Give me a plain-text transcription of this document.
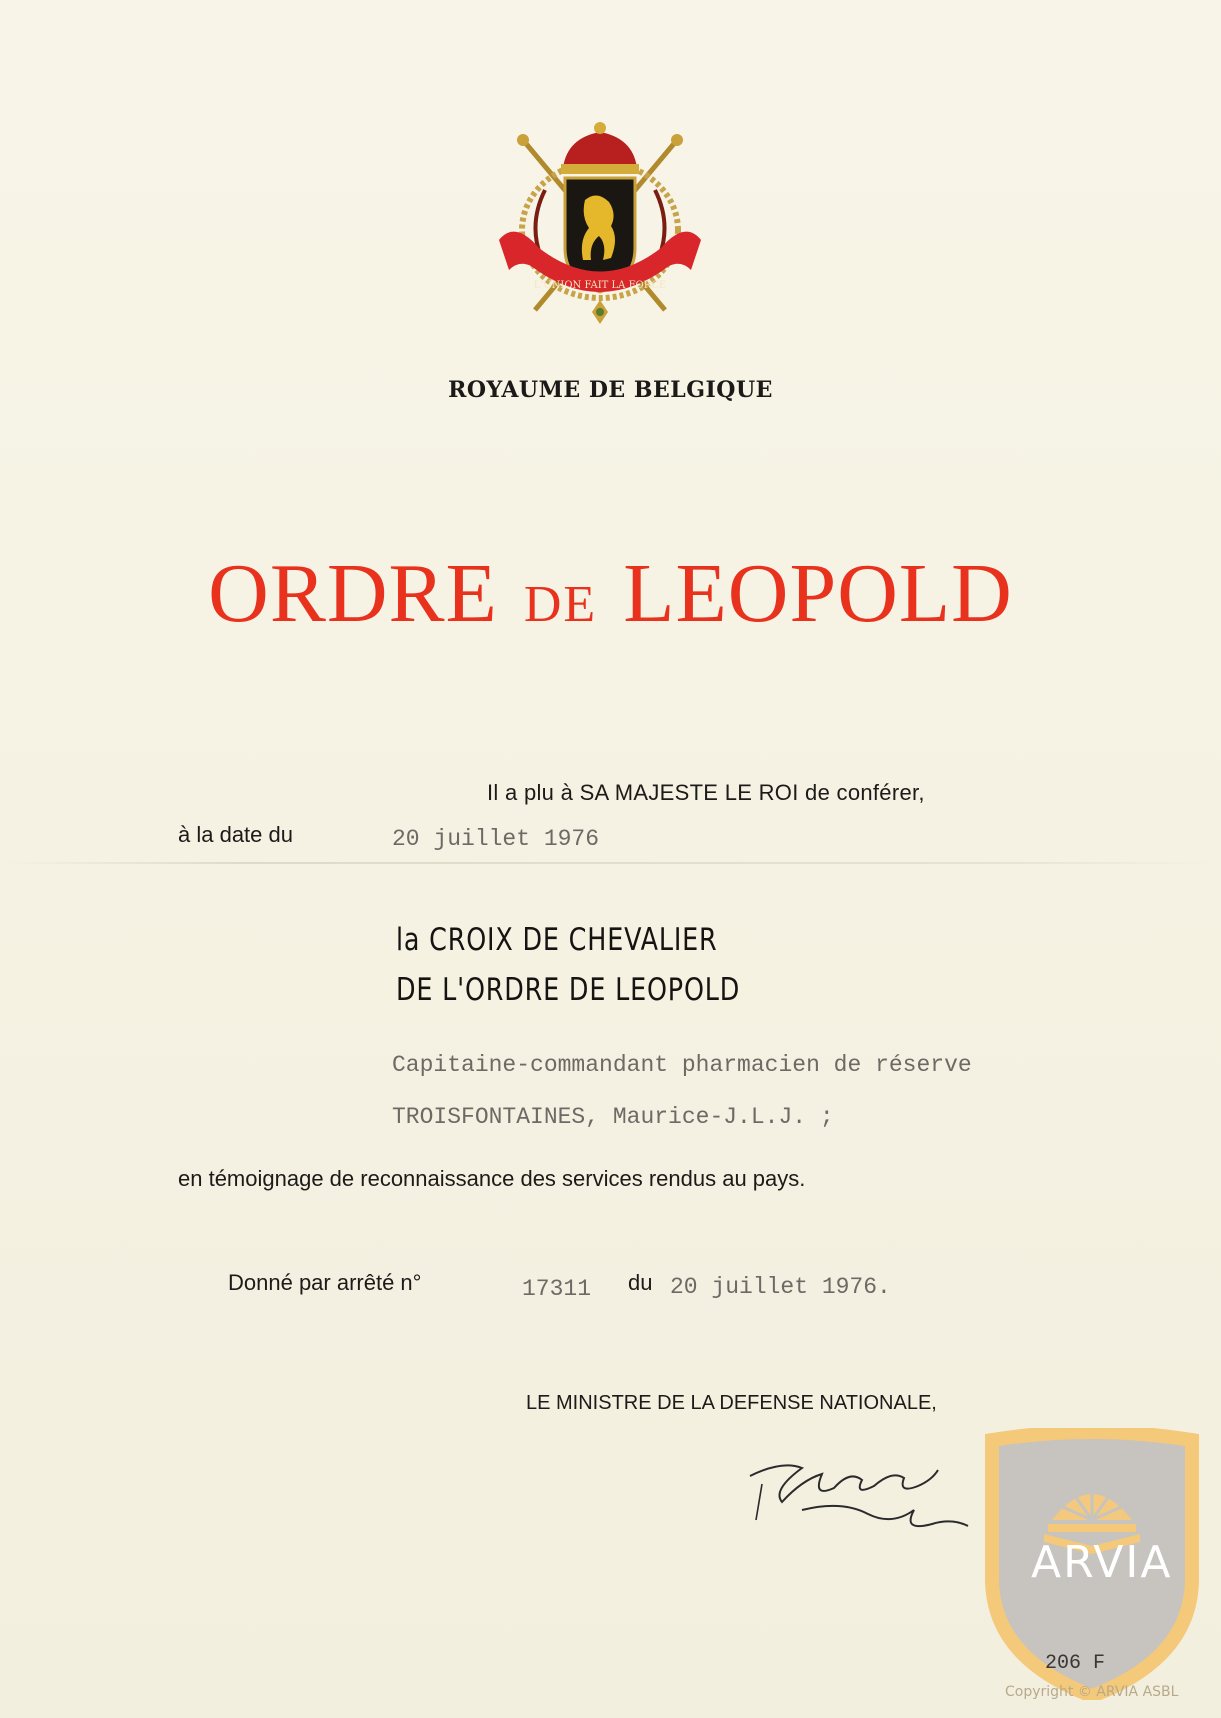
L'UNION FAIT LA FORCE
ROYAUME DE BELGIQUE
ORDRE DE LEOPOLD
Il a plu à SA MAJESTE LE ROI de conférer,
à la date du	20 juillet 1976
la CROIX DE CHEVALIER
DE L'ORDRE DE LEOPOLD
Capitaine-commandant pharmacien de réserve
TROISFONTAINES, Maurice-J.L.J. ;
en témoignage de reconnaissance des services rendus au pays.
Donné par arrêté n°	17311 du 20 juillet 1976.
LE MINISTRE DE LA DEFENSE NATIONALE,
ARVIA
206 F
Copyright © ARVIA ASBL
